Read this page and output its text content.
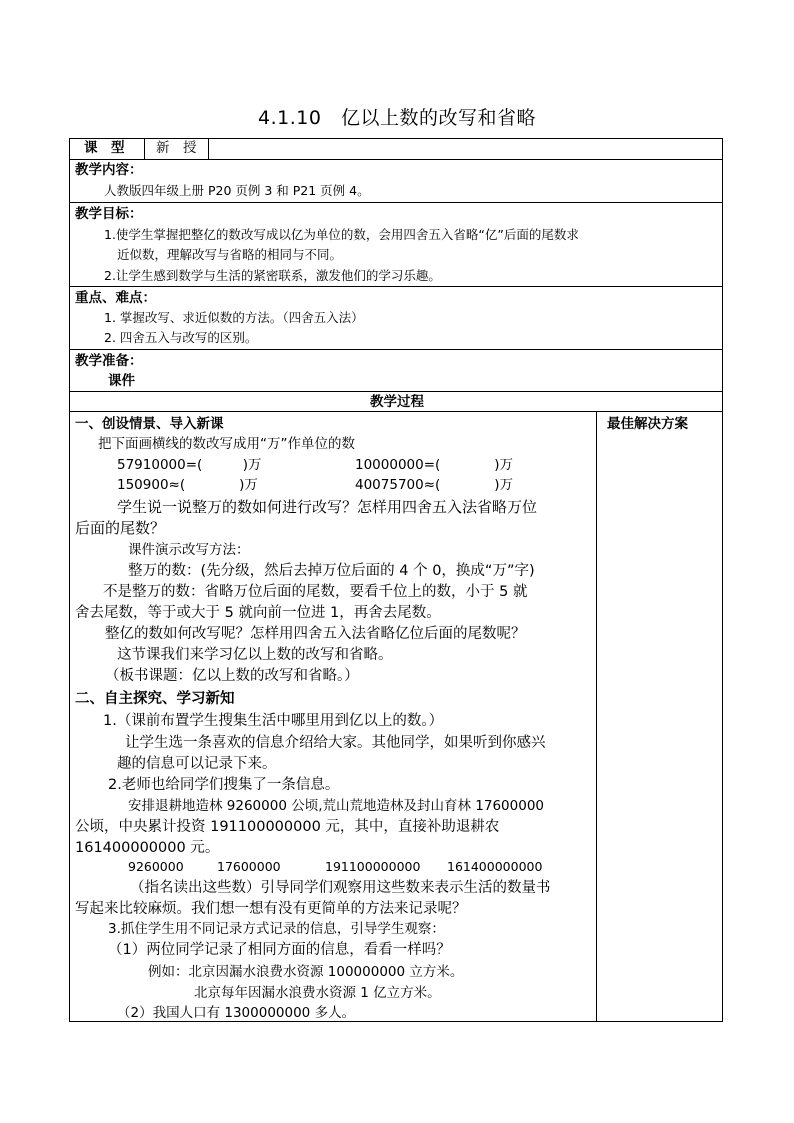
4.1.10　亿以上数的改写和省略
课　型 新　授
教学内容：
人教版四年级上册 P20 页例 3 和 P21 页例 4。
教学目标：
1.使学生掌握把整亿的数改写成以亿为单位的数，会用四舍五入省略“亿”后面的尾数求
近似数，理解改写与省略的相同与不同。
2.让学生感到数学与生活的紧密联系，激发他们的学习乐趣。
重点、难点：
1. 掌握改写、求近似数的方法。（四舍五入法）
2. 四舍五入与改写的区别。
教学准备：
课件
教学过程
最佳解决方案
一、创设情景、导入新课
把下面画横线的数改写成用“万”作单位的数
57910000=(　　　)万	10000000=(　　　　)万
150900≈(　　　　)万	40075700≈(　　　　)万
学生说一说整万的数如何进行改写？怎样用四舍五入法省略万位
后面的尾数？
课件演示改写方法：
整万的数：(先分级，然后去掉万位后面的 4 个 0，换成“万”字)
不是整万的数：省略万位后面的尾数，要看千位上的数，小于 5 就
舍去尾数，等于或大于 5 就向前一位进 1，再舍去尾数。
整亿的数如何改写呢？怎样用四舍五入法省略亿位后面的尾数呢？
这节课我们来学习亿以上数的改写和省略。
（板书课题：亿以上数的改写和省略。）
二、自主探究、学习新知
1.（课前布置学生搜集生活中哪里用到亿以上的数。）
让学生选一条喜欢的信息介绍给大家。其他同学，如果听到你感兴
趣的信息可以记录下来。
2.老师也给同学们搜集了一条信息。
安排退耕地造林 9260000 公顷,荒山荒地造林及封山育林 17600000
公顷，中央累计投资 191100000000 元，其中，直接补助退耕农
161400000000 元。
9260000	17600000	191100000000 161400000000
（指名读出这些数）引导同学们观察用这些数来表示生活的数量书
写起来比较麻烦。我们想一想有没有更简单的方法来记录呢？
3.抓住学生用不同记录方式记录的信息，引导学生观察：
（1）两位同学记录了相同方面的信息，看看一样吗？
例如：北京因漏水浪费水资源 100000000 立方米。
北京每年因漏水浪费水资源 1 亿立方米。
（2）我国人口有 1300000000 多人。
